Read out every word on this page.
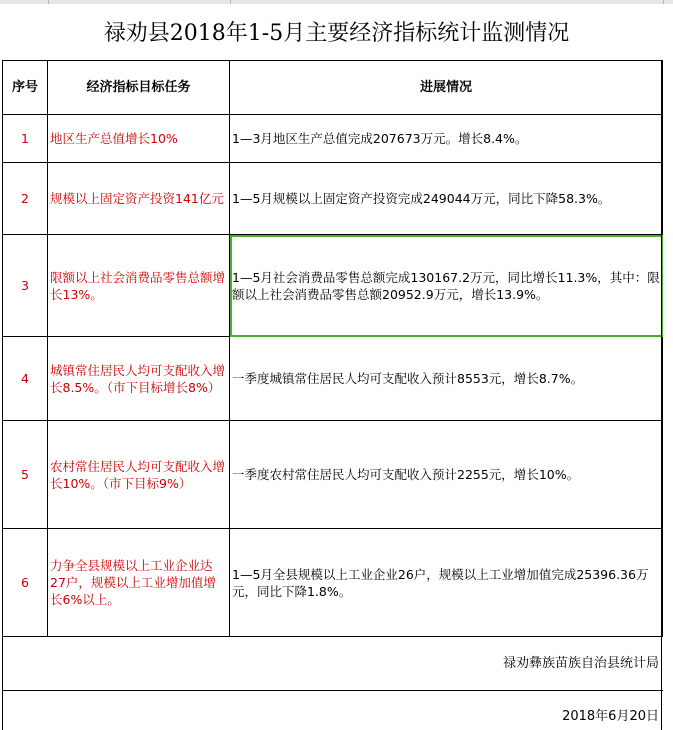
禄劝县2018年1-5月主要经济指标统计监测情况
序号	经济指标目标任务	进展情况
1	地区生产总值增长10%	1—3月地区生产总值完成207673万元。增长8.4%。
2	规模以上固定资产投资141亿元	1—5月规模以上固定资产投资完成249044万元，同比下降58.3%。
3	限额以上社会消费品零售总额增长13%。	1—5月社会消费品零售总额完成130167.2万元，同比增长11.3%，其中：限额以上社会消费品零售总额20952.9万元，增长13.9%。
4	城镇常住居民人均可支配收入增长8.5%。（市下目标增长8%）	一季度城镇常住居民人均可支配收入预计8553元，增长8.7%。
5	农村常住居民人均可支配收入增长10%。（市下目标9%）	一季度农村常住居民人均可支配收入预计2255元，增长10%。
6	力争全县规模以上工业企业达27户，规模以上工业增加值增长6%以上。	1—5月全县规模以上工业企业26户，规模以上工业增加值完成25396.36万元，同比下降1.8%。
禄劝彝族苗族自治县统计局
2018年6月20日
